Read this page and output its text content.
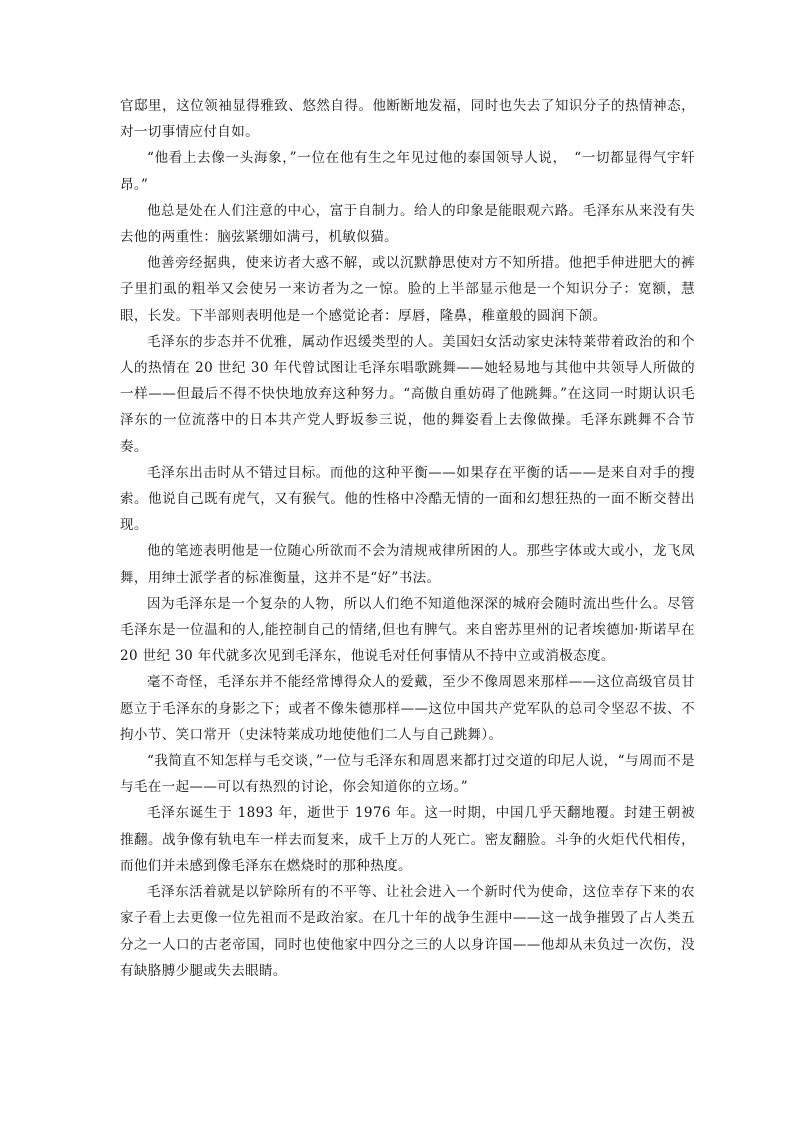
官邸里，这位领袖显得雅致、悠然自得。他断断地发福，同时也失去了知识分子的热情神态，对一切事情应付自如。

“他看上去像一头海象，”一位在他有生之年见过他的泰国领导人说，　“一切都显得气宇轩昂。”

他总是处在人们注意的中心，富于自制力。给人的印象是能眼观六路。毛泽东从来没有失去他的两重性：脑弦紧绷如满弓，机敏似猫。

他善旁经据典，使来访者大惑不解，或以沉默静思使对方不知所措。他把手伸进肥大的裤子里扪虱的粗举又会使另一来访者为之一惊。脸的上半部显示他是一个知识分子：宽额，慧眼，长发。下半部则表明他是一个感觉论者：厚唇，隆鼻，稚童般的圆润下颌。

毛泽东的步态并不优雅，属动作迟缓类型的人。美国妇女活动家史沫特莱带着政治的和个人的热情在 20 世纪 30 年代曾试图让毛泽东唱歌跳舞——她轻易地与其他中共领导人所做的一样——但最后不得不快快地放弃这种努力。“高傲自重妨碍了他跳舞。”在这同一时期认识毛泽东的一位流落中的日本共产党人野坂参三说，他的舞姿看上去像做操。毛泽东跳舞不合节奏。

毛泽东出击时从不错过目标。而他的这种平衡——如果存在平衡的话——是来自对手的搜索。他说自己既有虎气，又有猴气。他的性格中冷酷无情的一面和幻想狂热的一面不断交替出现。

他的笔迹表明他是一位随心所欲而不会为清规戒律所困的人。那些字体或大或小，龙飞凤舞，用绅士派学者的标准衡量，这并不是“好”书法。

因为毛泽东是一个复杂的人物，所以人们绝不知道他深深的城府会随时流出些什么。尽管毛泽东是一位温和的人,能控制自己的情绪,但也有脾气。来自密苏里州的记者埃德加·斯诺早在 20 世纪 30 年代就多次见到毛泽东，他说毛对任何事情从不持中立或消极态度。

毫不奇怪，毛泽东并不能经常博得众人的爱戴，至少不像周恩来那样——这位高级官员甘愿立于毛泽东的身影之下；或者不像朱德那样——这位中国共产党军队的总司令坚忍不拔、不拘小节、笑口常开（史沫特莱成功地使他们二人与自己跳舞）。

“我简直不知怎样与毛交谈，”一位与毛泽东和周恩来都打过交道的印尼人说，“与周而不是与毛在一起——可以有热烈的讨论，你会知道你的立场。”

毛泽东诞生于 1893 年，逝世于 1976 年。这一时期，中国几乎天翻地覆。封建王朝被推翻。战争像有轨电车一样去而复来，成千上万的人死亡。密友翻脸。斗争的火炬代代相传，而他们并未感到像毛泽东在燃烧时的那种热度。

毛泽东活着就是以铲除所有的不平等、让社会进入一个新时代为使命，这位幸存下来的农家子看上去更像一位先祖而不是政治家。在几十年的战争生涯中——这一战争摧毁了占人类五分之一人口的古老帝国，同时也使他家中四分之三的人以身许国——他却从未负过一次伤，没有缺胳膊少腿或失去眼睛。
